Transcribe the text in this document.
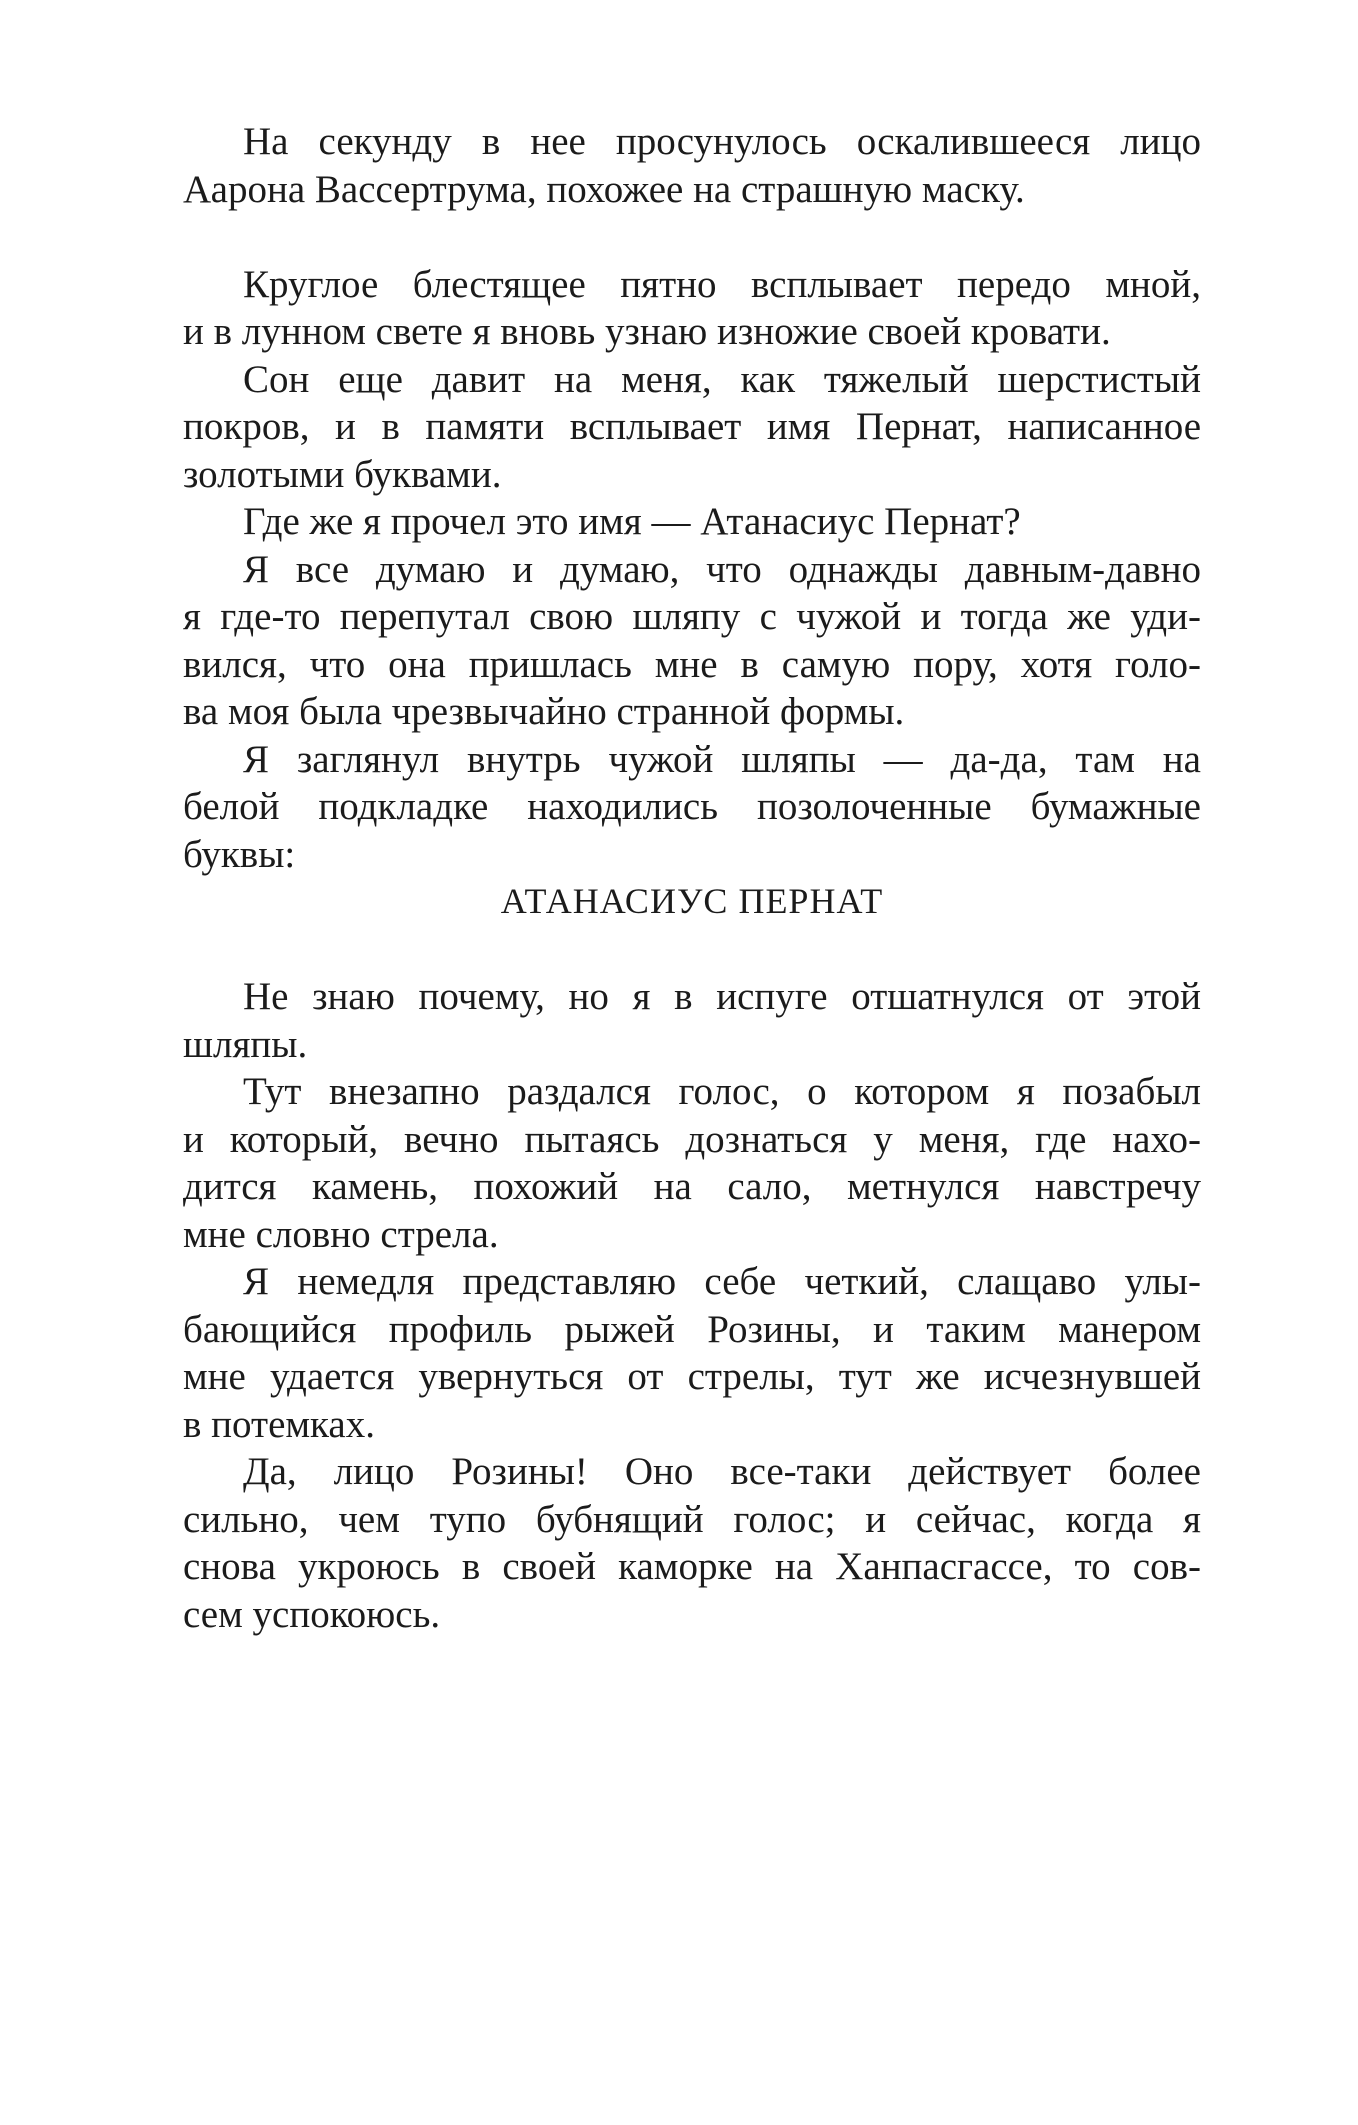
На секунду в нее просунулось оскалившееся лицо
Аарона Вассертрума, похожее на страшную маску.
Круглое блестящее пятно всплывает передо мной,
и в лунном свете я вновь узнаю изножие своей кровати.
Сон еще давит на меня, как тяжелый шерстистый
покров, и в памяти всплывает имя Пернат, написанное
золотыми буквами.
Где же я прочел это имя — Атанасиус Пернат?
Я все думаю и думаю, что однажды давным-давно
я где-то перепутал свою шляпу с чужой и тогда же уди-
вился, что она пришлась мне в самую пору, хотя голо-
ва моя была чрезвычайно странной формы.
Я заглянул внутрь чужой шляпы — да-да, там на
белой подкладке находились позолоченные бумажные
буквы:
АТАНАСИУС ПЕРНАТ
Не знаю почему, но я в испуге отшатнулся от этой
шляпы.
Тут внезапно раздался голос, о котором я позабыл
и который, вечно пытаясь дознаться у меня, где нахо-
дится камень, похожий на сало, метнулся навстречу
мне словно стрела.
Я немедля представляю себе четкий, слащаво улы-
бающийся профиль рыжей Розины, и таким манером
мне удается увернуться от стрелы, тут же исчезнувшей
в потемках.
Да, лицо Розины! Оно все-таки действует более
сильно, чем тупо бубнящий голос; и сейчас, когда я
снова укроюсь в своей каморке на Ханпасгассе, то сов-
сем успокоюсь.
